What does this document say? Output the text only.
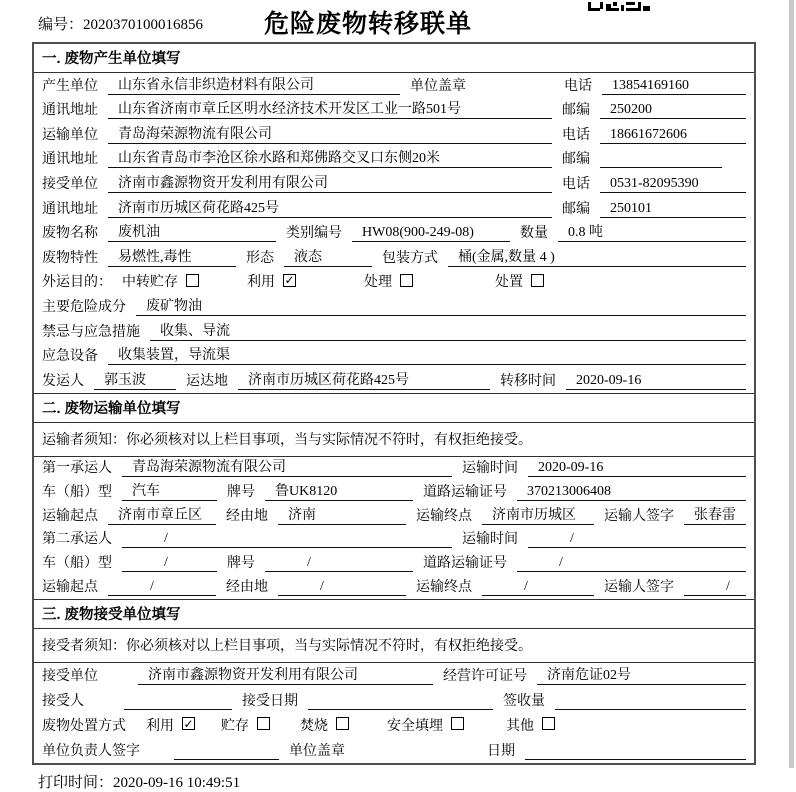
编号：2020370100016856	危险废物转移联单
一. 废物产生单位填写
产生单位	山东省永信非织造材料有限公司	单位盖章	电话	13854169160
通讯地址	山东省济南市章丘区明水经济技术开发区工业一路501号	邮编	250200
运输单位	青岛海荣源物流有限公司	电话	18661672606
通讯地址	山东省青岛市李沧区徐水路和郑佛路交叉口东侧20米	邮编
接受单位	济南市鑫源物资开发利用有限公司	电话	0531-82095390
通讯地址	济南市历城区荷花路425号	邮编	250101
废物名称	废机油	类别编号	HW08(900-249-08)	数量	0.8 吨
废物特性	易燃性,毒性	形态	液态	包装方式	桶(金属,数量 4 )
外运目的： 中转贮存	利用 ✓	处理	处置
主要危险成分	废矿物油
禁忌与应急措施	收集、导流
应急设备	收集装置，导流渠
发运人	郭玉波	运达地	济南市历城区荷花路425号	转移时间	2020-09-16
二. 废物运输单位填写
运输者须知：你必须核对以上栏目事项，当与实际情况不符时，有权拒绝接受。
第一承运人	青岛海荣源物流有限公司	运输时间	2020-09-16
车（船）型	汽车	牌号	鲁UK8120	道路运输证号	370213006408
运输起点	济南市章丘区	经由地	济南	运输终点	济南市历城区	运输人签字	张春雷
第二承运人	/	运输时间	/
车（船）型	/	牌号	/	道路运输证号	/
运输起点	/	经由地	/	运输终点	/	运输人签字	/
三. 废物接受单位填写
接受者须知：你必须核对以上栏目事项，当与实际情况不符时，有权拒绝接受。
接受单位	济南市鑫源物资开发利用有限公司	经营许可证号	济南危证02号
接受人	接受日期	签收量
废物处置方式 利用 ✓ 贮存	焚烧	安全填埋	其他
单位负责人签字	单位盖章	日期
打印时间：2020-09-16 10:49:51
